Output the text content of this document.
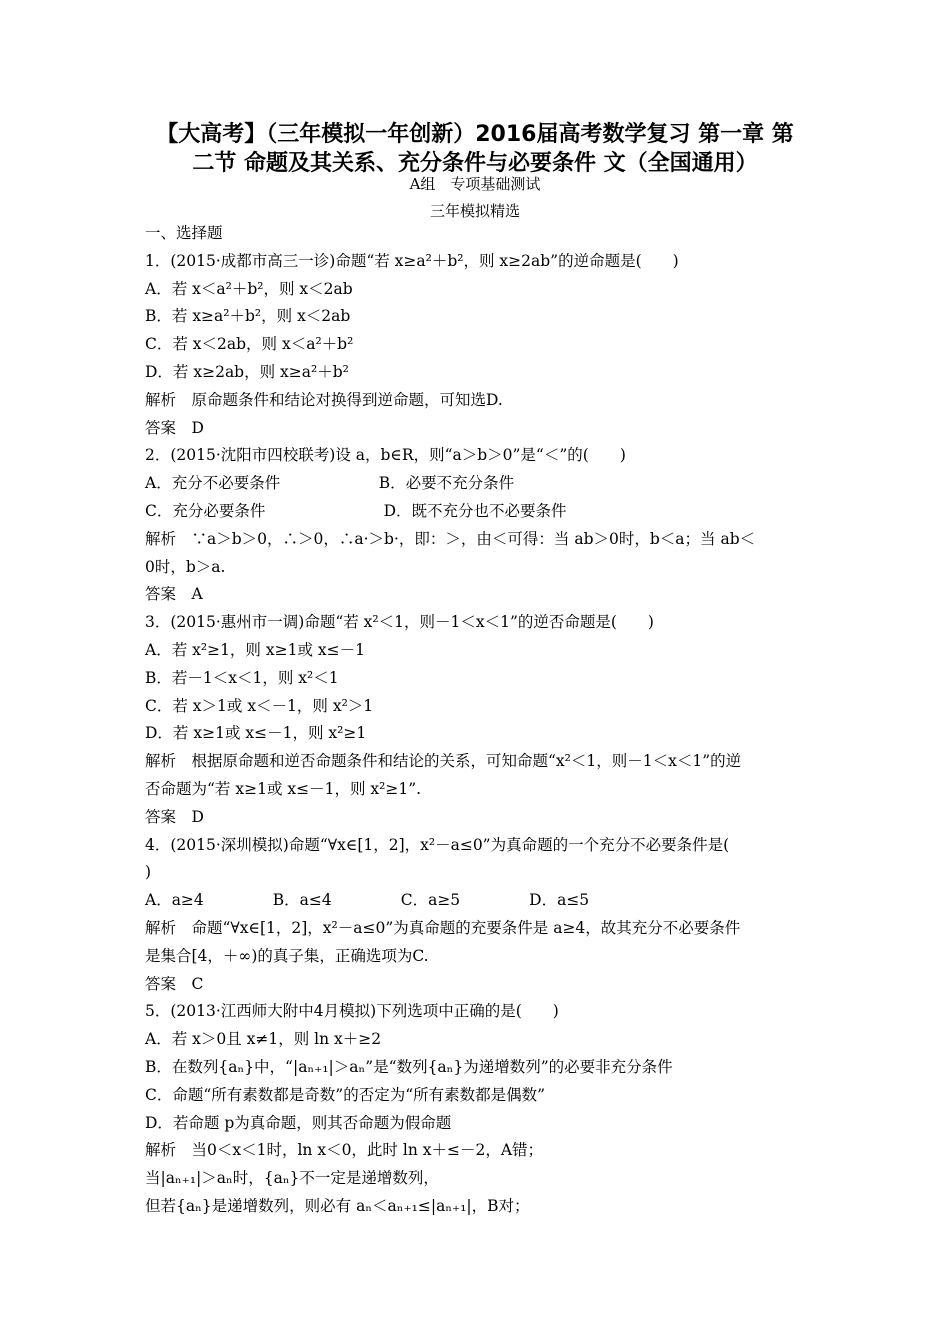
【大高考】（三年模拟一年创新）2016届高考数学复习 第一章 第
二节 命题及其关系、充分条件与必要条件 文（全国通用）
A组　专项基础测试
三年模拟精选
一、选择题
1．(2015·成都市高三一诊)命题“若 x≥a²＋b²，则 x≥2ab”的逆命题是(　　)
A．若 x＜a²＋b²，则 x＜2ab
B．若 x≥a²＋b²，则 x＜2ab
C．若 x＜2ab，则 x＜a²＋b²
D．若 x≥2ab，则 x≥a²＋b²
解析　原命题条件和结论对换得到逆命题，可知选D.
答案　D
2．(2015·沈阳市四校联考)设 a，b∈R，则“a＞b＞0”是“＜”的(　　)
A．充分不必要条件                    B．必要不充分条件
C．充分必要条件                        D．既不充分也不必要条件
解析　∵a＞b＞0，∴＞0，∴a·＞b·，即：＞，由＜可得：当 ab＞0时，b＜a；当 ab＜
0时，b＞a.
答案　A
3．(2015·惠州市一调)命题“若 x²＜1，则－1＜x＜1”的逆否命题是(　　)
A．若 x²≥1，则 x≥1或 x≤－1
B．若－1＜x＜1，则 x²＜1
C．若 x＞1或 x＜－1，则 x²＞1
D．若 x≥1或 x≤－1，则 x²≥1
解析　根据原命题和逆否命题条件和结论的关系，可知命题“x²＜1，则－1＜x＜1”的逆
否命题为“若 x≥1或 x≤－1，则 x²≥1”.
答案　D
4．(2015·深圳模拟)命题“∀x∈[1，2]，x²－a≤0”为真命题的一个充分不必要条件是(
)
A．a≥4              B．a≤4              C．a≥5              D．a≤5
解析　命题“∀x∈[1，2]，x²－a≤0”为真命题的充要条件是 a≥4，故其充分不必要条件
是集合[4，＋∞)的真子集，正确选项为C.
答案　C
5．(2013·江西师大附中4月模拟)下列选项中正确的是(　　)
A．若 x＞0且 x≠1，则 ln x＋≥2
B．在数列{aₙ}中，“|aₙ₊₁|＞aₙ”是“数列{aₙ}为递增数列”的必要非充分条件
C．命题“所有素数都是奇数”的否定为“所有素数都是偶数”
D．若命题 p为真命题，则其否命题为假命题
解析　当0＜x＜1时，ln x＜0，此时 ln x＋≤－2，A错；
当|aₙ₊₁|＞aₙ时，{aₙ}不一定是递增数列，
但若{aₙ}是递增数列，则必有 aₙ＜aₙ₊₁≤|aₙ₊₁|，B对；
